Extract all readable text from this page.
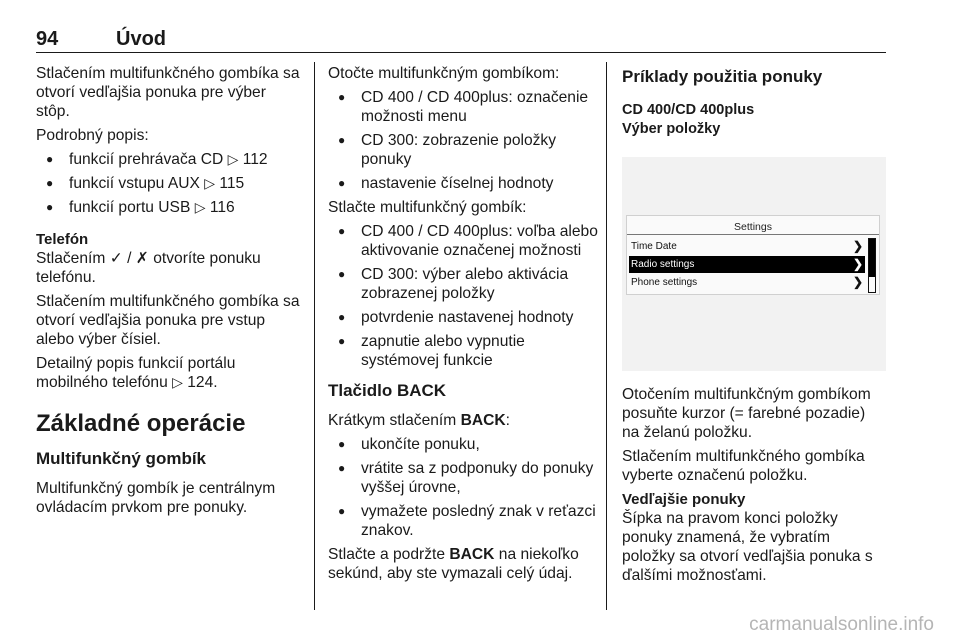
94	Úvod

Stlačením multifunkčného gombíka sa otvorí vedľajšia ponuka pre výber stôp.

Podrobný popis:

● funkcií prehrávača CD ▷ 112
● funkcií vstupu AUX ▷ 115
● funkcií portu USB ▷ 116
Telefón

Stlačením ✓ / ✗ otvoríte ponuku telefónu.

Stlačením multifunkčného gombíka sa otvorí vedľajšia ponuka pre vstup alebo výber čísiel.

Detailný popis funkcií portálu mobilného telefónu ▷ 124.

Základné operácie
Multifunkčný gombík

Multifunkčný gombík je centrálnym ovládacím prvkom pre ponuky.

Otočte multifunkčným gombíkom:

● CD 400 / CD 400plus: označenie možnosti menu
● CD 300: zobrazenie položky ponuky
● nastavenie číselnej hodnoty

Stlačte multifunkčný gombík:

● CD 400 / CD 400plus: voľba alebo aktivovanie označenej možnosti
● CD 300: výber alebo aktivácia zobrazenej položky
● potvrdenie nastavenej hodnoty
● zapnutie alebo vypnutie systémovej funkcie
Tlačidlo BACK

Krátkym stlačením BACK:

● ukončíte ponuku,
● vrátite sa z podponuky do ponuky vyššej úrovne,
● vymažete posledný znak v reťazci znakov.

Stlačte a podržte BACK na niekoľko sekúnd, aby ste vymazali celý údaj.

Príklady použitia ponuky
CD 400/CD 400plus
Výber položky
Settings
Time Date	❯
Radio settings	❯
Phone settings	❯

Otočením multifunkčným gombíkom posuňte kurzor (= farebné pozadie) na želanú položku.

Stlačením multifunkčného gombíka vyberte označenú položku.

Vedľajšie ponuky

Šípka na pravom konci položky ponuky znamená, že vybratím položky sa otvorí vedľajšia ponuka s ďalšími možnosťami.

carmanualsonline.info
